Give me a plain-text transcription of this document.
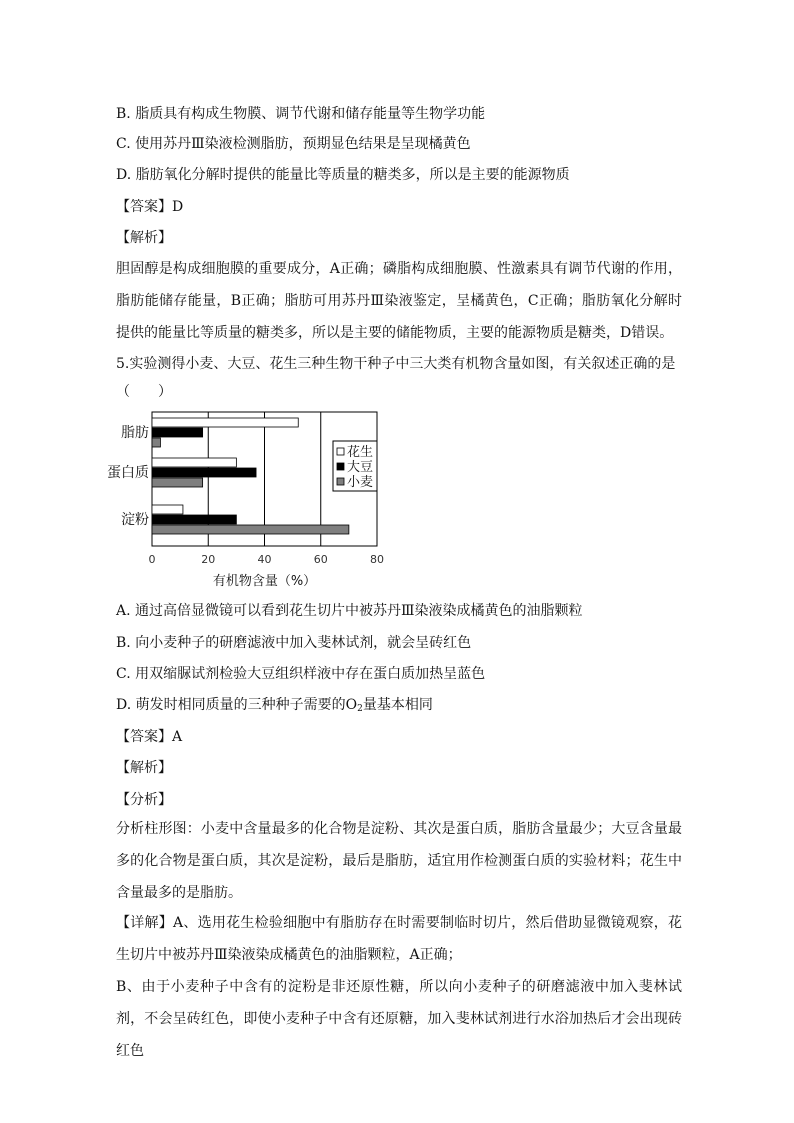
B. 脂质具有构成生物膜、调节代谢和储存能量等生物学功能
C. 使用苏丹Ⅲ染液检测脂肪，预期显色结果是呈现橘黄色
D. 脂肪氧化分解时提供的能量比等质量的糖类多，所以是主要的能源物质
【答案】D
【解析】
胆固醇是构成细胞膜的重要成分，A正确；磷脂构成细胞膜、性激素具有调节代谢的作用，脂肪能储存能量，B正确；脂肪可用苏丹Ⅲ染液鉴定，呈橘黄色，C正确；脂肪氧化分解时提供的能量比等质量的糖类多，所以是主要的储能物质，主要的能源物质是糖类，D错误。
5.实验测得小麦、大豆、花生三种生物干种子中三大类有机物含量如图，有关叙述正确的是
（　　）
0	20	40	60	80
脂肪
蛋白质
淀粉
花生
大豆
小麦
有机物含量（%）
A. 通过高倍显微镜可以看到花生切片中被苏丹Ⅲ染液染成橘黄色的油脂颗粒
B. 向小麦种子的研磨滤液中加入斐林试剂，就会呈砖红色
C. 用双缩脲试剂检验大豆组织样液中存在蛋白质加热呈蓝色
D. 萌发时相同质量的三种种子需要的$O_2$量基本相同
【答案】A
【解析】
【分析】
分析柱形图：小麦中含量最多的化合物是淀粉、其次是蛋白质，脂肪含量最少；大豆含量最多的化合物是蛋白质，其次是淀粉，最后是脂肪，适宜用作检测蛋白质的实验材料；花生中含量最多的是脂肪。
【详解】A、选用花生检验细胞中有脂肪存在时需要制临时切片，然后借助显微镜观察，花生切片中被苏丹Ⅲ染液染成橘黄色的油脂颗粒，A正确；
B、由于小麦种子中含有的淀粉是非还原性糖，所以向小麦种子的研磨滤液中加入斐林试剂，不会呈砖红色，即使小麦种子中含有还原糖，加入斐林试剂进行水浴加热后才会出现砖红色
